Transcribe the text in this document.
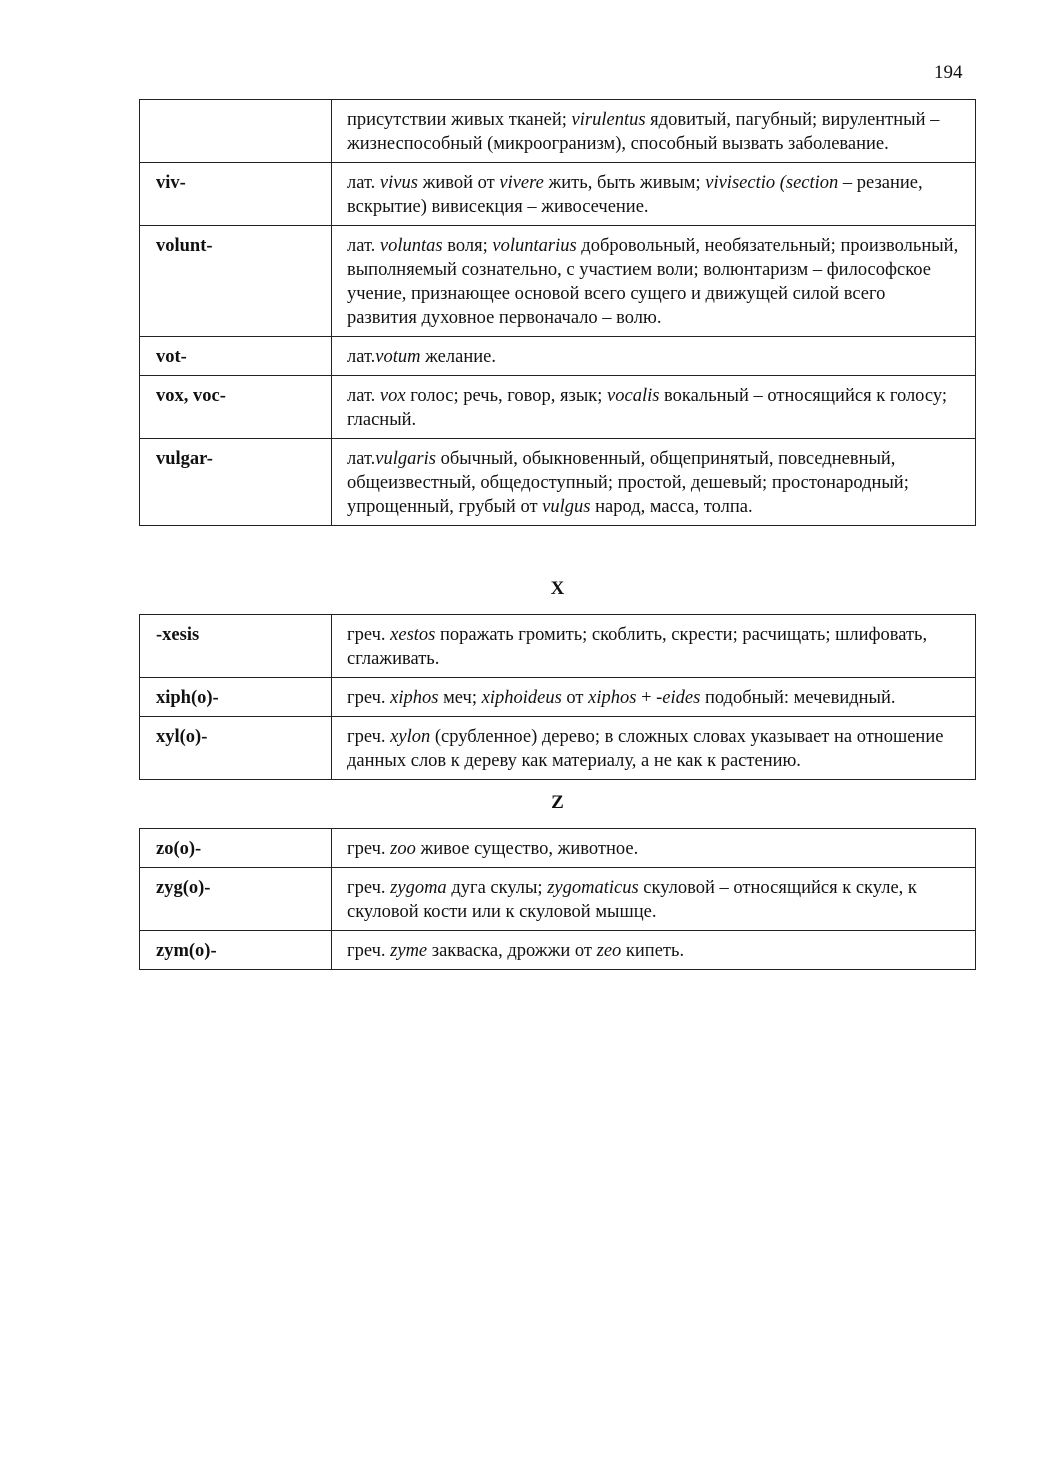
194
	присутствии живых тканей; virulentus ядовитый, пагубный; вирулентный – жизнеспособный (микроогранизм), способный вызвать заболевание.
viv-	лат. vivus живой от vivere жить, быть живым; vivisectio (section – резание, вскрытие) вивисекция – живосечение.
volunt-	лат. voluntas воля; voluntarius добровольный, необязательный; произвольный, выполняемый сознательно, с участием воли; волюнтаризм – философское учение, признающее основой всего сущего и движущей силой всего развития духовное первоначало – волю.
vot-	лат.votum желание.
vox, voc-	лат. vox голос; речь, говор, язык; vocalis вокальный – относящийся к голосу; гласный.
vulgar-	лат.vulgaris обычный, обыкновенный, общепринятый, повседневный, общеизвестный, общедоступный; простой, дешевый; простонародный; упрощенный, грубый от vulgus народ, масса, толпа.
X
-xesis	греч. xestos поражать громить; скоблить, скрести; расчищать; шлифовать, сглаживать.
xiph(o)-	греч. xiphos меч; xiphoideus от xiphos + -eides подобный: мечевидный.
xyl(o)-	греч. xylon (срубленное) дерево; в сложных словах указывает на отношение данных слов к дереву как материалу, а не как к растению.
Z
zo(o)-	греч. zoo живое существо, животное.
zyg(o)-	греч. zygoma дуга скулы; zygomaticus скуловой – относящийся к скуле, к скуловой кости или к скуловой мышце.
zym(o)-	греч. zyme закваска, дрожжи от zeo кипеть.
